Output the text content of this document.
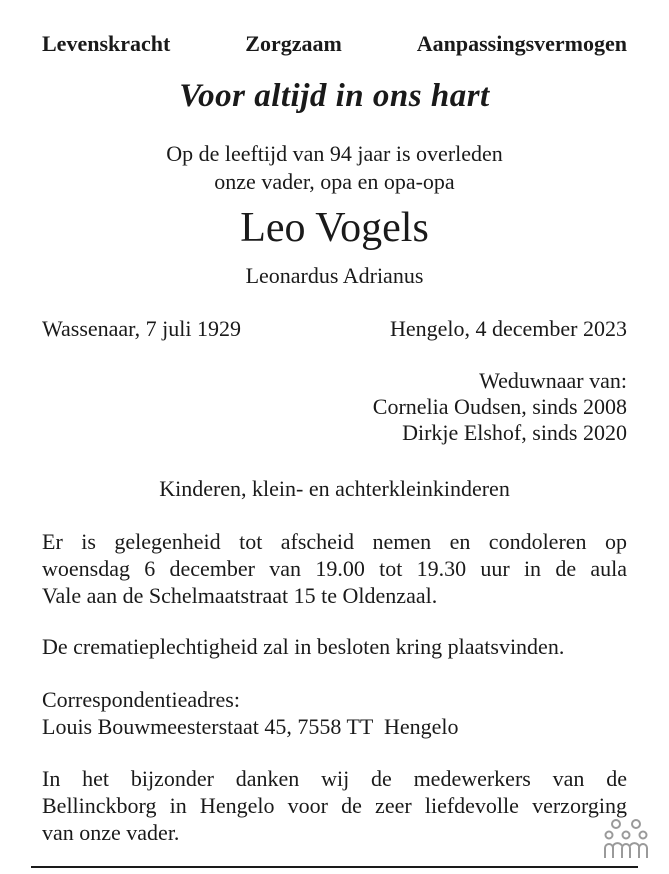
Levenskracht	Zorgzaam	Aanpassingsvermogen
Voor altijd in ons hart
Op de leeftijd van 94 jaar is overleden
onze vader, opa en opa-opa
Leo Vogels
Leonardus Adrianus
Wassenaar, 7 juli 1929	Hengelo, 4 december 2023
Weduwnaar van:
Cornelia Oudsen, sinds 2008
Dirkje Elshof, sinds 2020
Kinderen, klein- en achterkleinkinderen
Er is gelegenheid tot afscheid nemen en condoleren op
woensdag 6 december van 19.00 tot 19.30 uur in de aula
Vale aan de Schelmaatstraat 15 te Oldenzaal.
De crematieplechtigheid zal in besloten kring plaatsvinden.
Correspondentieadres:
Louis Bouwmeesterstaat 45, 7558 TT  Hengelo
In het bijzonder danken wij de medewerkers van de
Bellinckborg in Hengelo voor de zeer liefdevolle verzorging
van onze vader.
